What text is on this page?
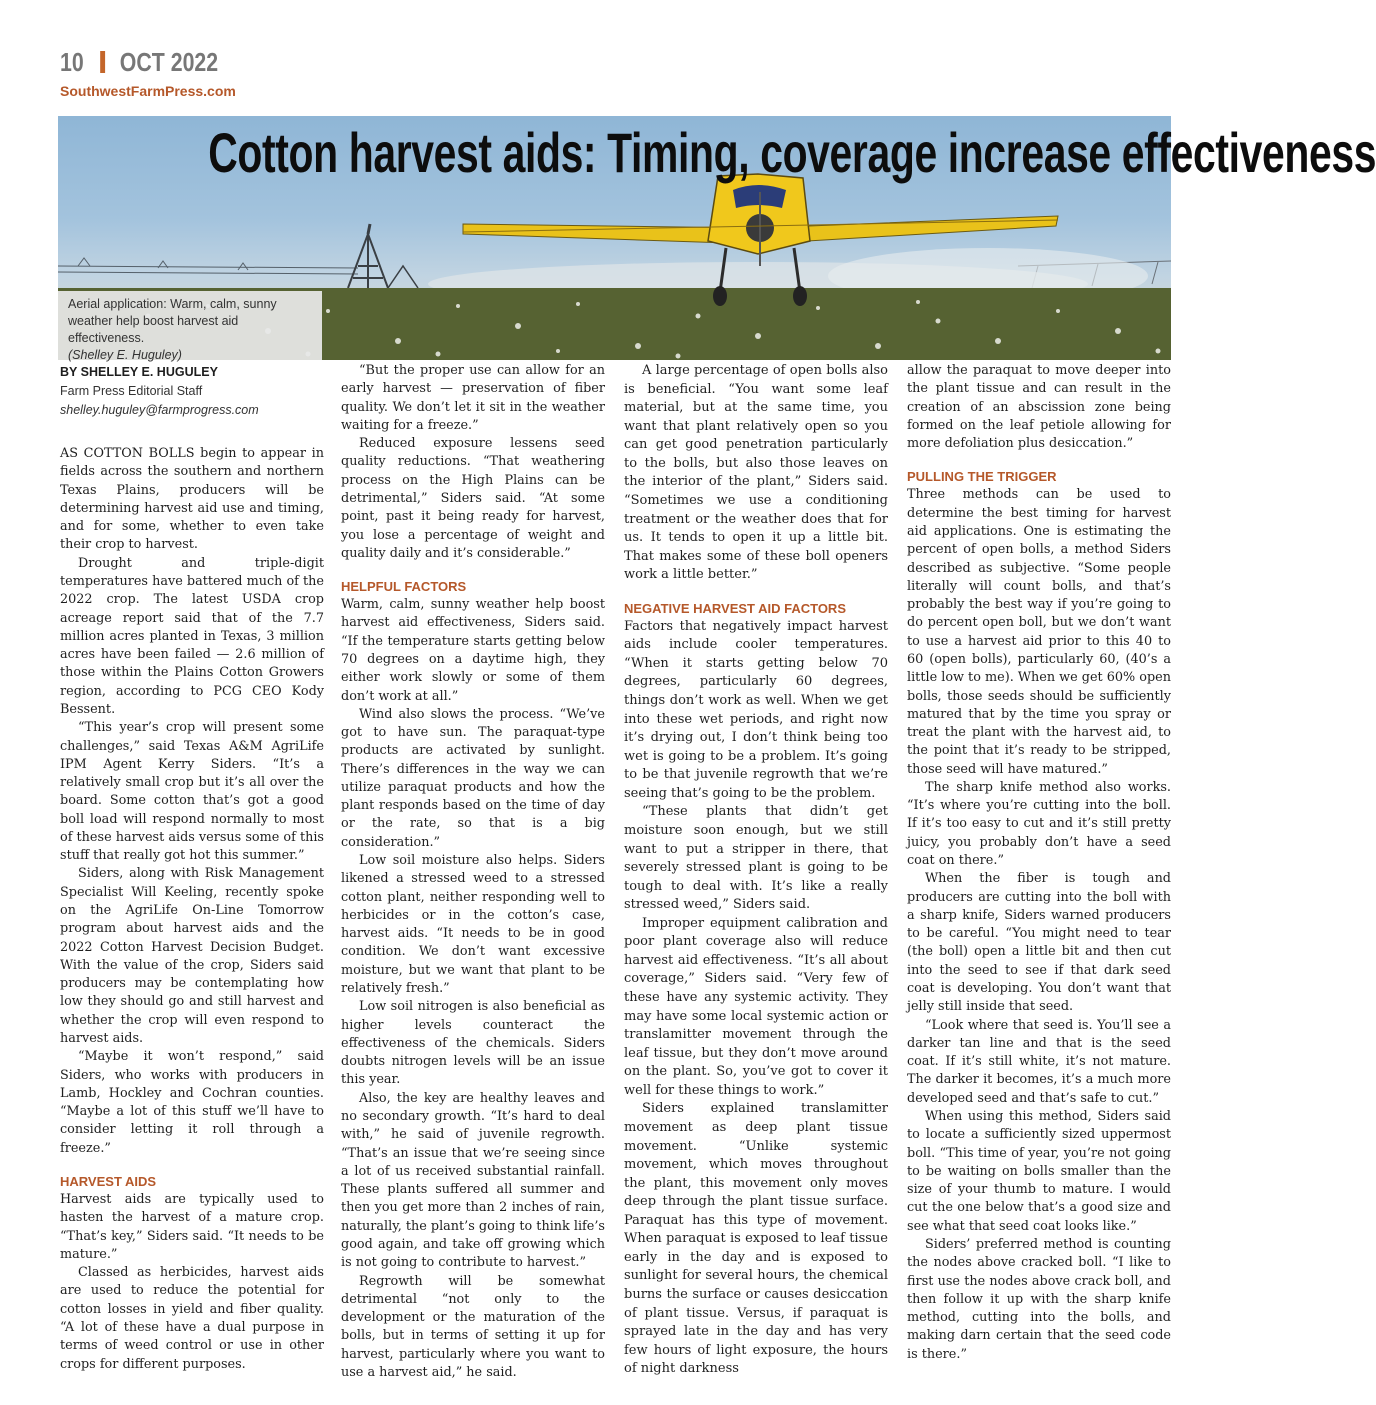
10 OCT 2022
SouthwestFarmPress.com
Cotton harvest aids: Timing, coverage increase effectiveness
Aerial application: Warm, calm, sunny weather help boost harvest aid effectiveness.
(Shelley E. Huguley)
BY SHELLEY E. HUGULEY
Farm Press Editorial Staff
shelley.huguley@farmprogress.com

AS COTTON BOLLS begin to appear in fields across the southern and northern Texas Plains, producers will be determining harvest aid use and timing, and for some, whether to even take their crop to harvest.

Drought and triple-digit temperatures have battered much of the 2022 crop. The latest USDA crop acreage report said that of the 7.7 million acres planted in Texas, 3 million acres have been failed — 2.6 million of those within the Plains Cotton Growers region, according to PCG CEO Kody Bessent.

“This year’s crop will present some challenges,” said Texas A&M AgriLife IPM Agent Kerry Siders. “It’s a relatively small crop but it’s all over the board. Some cotton that’s got a good boll load will respond normally to most of these harvest aids versus some of this stuff that really got hot this summer.”

Siders, along with Risk Management Specialist Will Keeling, recently spoke on the AgriLife On-Line Tomorrow program about harvest aids and the 2022 Cotton Harvest Decision Budget. With the value of the crop, Siders said producers may be contemplating how low they should go and still harvest and whether the crop will even respond to harvest aids.

“Maybe it won’t respond,” said Siders, who works with producers in Lamb, Hockley and Cochran counties. “Maybe a lot of this stuff we’ll have to consider letting it roll through a freeze.”

HARVEST AIDS

Harvest aids are typically used to hasten the harvest of a mature crop. “That’s key,” Siders said. “It needs to be mature.”

Classed as herbicides, harvest aids are used to reduce the potential for cotton losses in yield and fiber quality. “A lot of these have a dual purpose in terms of weed control or use in other crops for different purposes.

“But the proper use can allow for an early harvest — preservation of fiber quality. We don’t let it sit in the weather waiting for a freeze.”

Reduced exposure lessens seed quality reductions. “That weathering process on the High Plains can be detrimental,” Siders said. “At some point, past it being ready for harvest, you lose a percentage of weight and quality daily and it’s considerable.”

HELPFUL FACTORS

Warm, calm, sunny weather help boost harvest aid effectiveness, Siders said. “If the temperature starts getting below 70 degrees on a daytime high, they either work slowly or some of them don’t work at all.”

Wind also slows the process. “We’ve got to have sun. The paraquat-type products are activated by sunlight. There’s differences in the way we can utilize paraquat products and how the plant responds based on the time of day or the rate, so that is a big consideration.”

Low soil moisture also helps. Siders likened a stressed weed to a stressed cotton plant, neither responding well to herbicides or in the cotton’s case, harvest aids. “It needs to be in good condition. We don’t want excessive moisture, but we want that plant to be relatively fresh.”

Low soil nitrogen is also beneficial as higher levels counteract the effectiveness of the chemicals. Siders doubts nitrogen levels will be an issue this year.

Also, the key are healthy leaves and no secondary growth. “It’s hard to deal with,” he said of juvenile regrowth. “That’s an issue that we’re seeing since a lot of us received substantial rainfall. These plants suffered all summer and then you get more than 2 inches of rain, naturally, the plant’s going to think life’s good again, and take off growing which is not going to contribute to harvest.”

Regrowth will be somewhat detrimental “not only to the development or the maturation of the bolls, but in terms of setting it up for harvest, particularly where you want to use a harvest aid,” he said.

A large percentage of open bolls also is beneficial. “You want some leaf material, but at the same time, you want that plant relatively open so you can get good penetration particularly to the bolls, but also those leaves on the interior of the plant,” Siders said. “Sometimes we use a conditioning treatment or the weather does that for us. It tends to open it up a little bit. That makes some of these boll openers work a little better.”

NEGATIVE HARVEST AID FACTORS

Factors that negatively impact harvest aids include cooler temperatures. “When it starts getting below 70 degrees, particularly 60 degrees, things don’t work as well. When we get into these wet periods, and right now it’s drying out, I don’t think being too wet is going to be a problem. It’s going to be that juvenile regrowth that we’re seeing that’s going to be the problem.

“These plants that didn’t get moisture soon enough, but we still want to put a stripper in there, that severely stressed plant is going to be tough to deal with. It’s like a really stressed weed,” Siders said.

Improper equipment calibration and poor plant coverage also will reduce harvest aid effectiveness. “It’s all about coverage,” Siders said. “Very few of these have any systemic activity. They may have some local systemic action or translamitter movement through the leaf tissue, but they don’t move around on the plant. So, you’ve got to cover it well for these things to work.”

Siders explained translamitter movement as deep plant tissue movement. “Unlike systemic movement, which moves throughout the plant, this movement only moves deep through the plant tissue surface. Paraquat has this type of movement. When paraquat is exposed to leaf tissue early in the day and is exposed to sunlight for several hours, the chemical burns the surface or causes desiccation of plant tissue. Versus, if paraquat is sprayed late in the day and has very few hours of light exposure, the hours of night darkness

allow the paraquat to move deeper into the plant tissue and can result in the creation of an abscission zone being formed on the leaf petiole allowing for more defoliation plus desiccation.”

PULLING THE TRIGGER

Three methods can be used to determine the best timing for harvest aid applications. One is estimating the percent of open bolls, a method Siders described as subjective. “Some people literally will count bolls, and that’s probably the best way if you’re going to do percent open boll, but we don’t want to use a harvest aid prior to this 40 to 60 (open bolls), particularly 60, (40’s a little low to me). When we get 60% open bolls, those seeds should be sufficiently matured that by the time you spray or treat the plant with the harvest aid, to the point that it’s ready to be stripped, those seed will have matured.”

The sharp knife method also works. “It’s where you’re cutting into the boll. If it’s too easy to cut and it’s still pretty juicy, you probably don’t have a seed coat on there.”

When the fiber is tough and producers are cutting into the boll with a sharp knife, Siders warned producers to be careful. “You might need to tear (the boll) open a little bit and then cut into the seed to see if that dark seed coat is developing. You don’t want that jelly still inside that seed.

“Look where that seed is. You’ll see a darker tan line and that is the seed coat. If it’s still white, it’s not mature. The darker it becomes, it’s a much more developed seed and that’s safe to cut.”

When using this method, Siders said to locate a sufficiently sized uppermost boll. “This time of year, you’re not going to be waiting on bolls smaller than the size of your thumb to mature. I would cut the one below that’s a good size and see what that seed coat looks like.”

Siders’ preferred method is counting the nodes above cracked boll. “I like to first use the nodes above crack boll, and then follow it up with the sharp knife method, cutting into the bolls, and making darn certain that the seed code is there.”
